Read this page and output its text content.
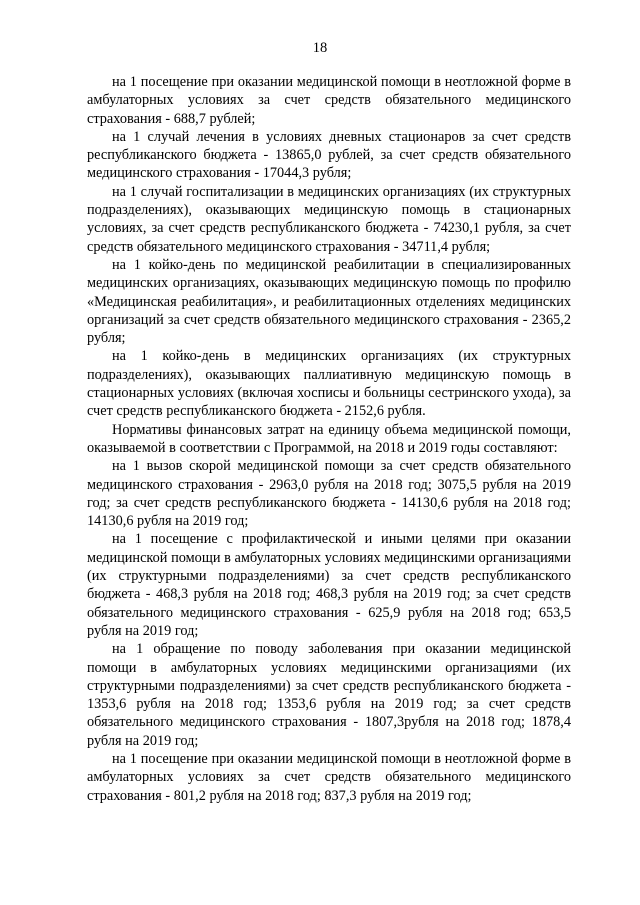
18

на 1 посещение при оказании медицинской помощи в неотложной форме в амбулаторных условиях за счет средств обязательного медицинского страхования - 688,7 рублей;

на 1 случай лечения в условиях дневных стационаров за счет средств республиканского бюджета - 13865,0 рублей, за счет средств обязательного медицинского страхования - 17044,3 рубля;

на 1 случай госпитализации в медицинских организациях (их структурных подразделениях), оказывающих медицинскую помощь в стационарных условиях, за счет средств республиканского бюджета - 74230,1 рубля, за счет средств обязательного медицинского страхования - 34711,4 рубля;

на 1 койко-день по медицинской реабилитации в специализированных медицинских организациях, оказывающих медицинскую помощь по профилю «Медицинская реабилитация», и реабилитационных отделениях медицинских организаций за счет средств обязательного медицинского страхования - 2365,2 рубля;

на 1 койко-день в медицинских организациях (их структурных подразделениях), оказывающих паллиативную медицинскую помощь в стационарных условиях (включая хосписы и больницы сестринского ухода), за счет средств республиканского бюджета - 2152,6 рубля.

Нормативы финансовых затрат на единицу объема медицинской помощи, оказываемой в соответствии с Программой, на 2018 и 2019 годы составляют:

на 1 вызов скорой медицинской помощи за счет средств обязательного медицинского страхования - 2963,0 рубля на 2018 год; 3075,5 рубля на 2019 год; за счет средств республиканского бюджета - 14130,6 рубля на 2018 год; 14130,6 рубля на 2019 год;

на 1 посещение с профилактической и иными целями при оказании медицинской помощи в амбулаторных условиях медицинскими организациями (их структурными подразделениями) за счет средств республиканского бюджета - 468,3 рубля на 2018 год; 468,3 рубля на 2019 год; за счет средств обязательного медицинского страхования - 625,9 рубля на 2018 год; 653,5 рубля на 2019 год;

на 1 обращение по поводу заболевания при оказании медицинской помощи в амбулаторных условиях медицинскими организациями (их структурными подразделениями) за счет средств республиканского бюджета - 1353,6 рубля на 2018 год; 1353,6 рубля на 2019 год; за счет средств обязательного медицинского страхования - 1807,3рубля на 2018 год; 1878,4 рубля на 2019 год;

на 1 посещение при оказании медицинской помощи в неотложной форме в амбулаторных условиях за счет средств обязательного медицинского страхования - 801,2 рубля на 2018 год; 837,3 рубля на 2019 год;
